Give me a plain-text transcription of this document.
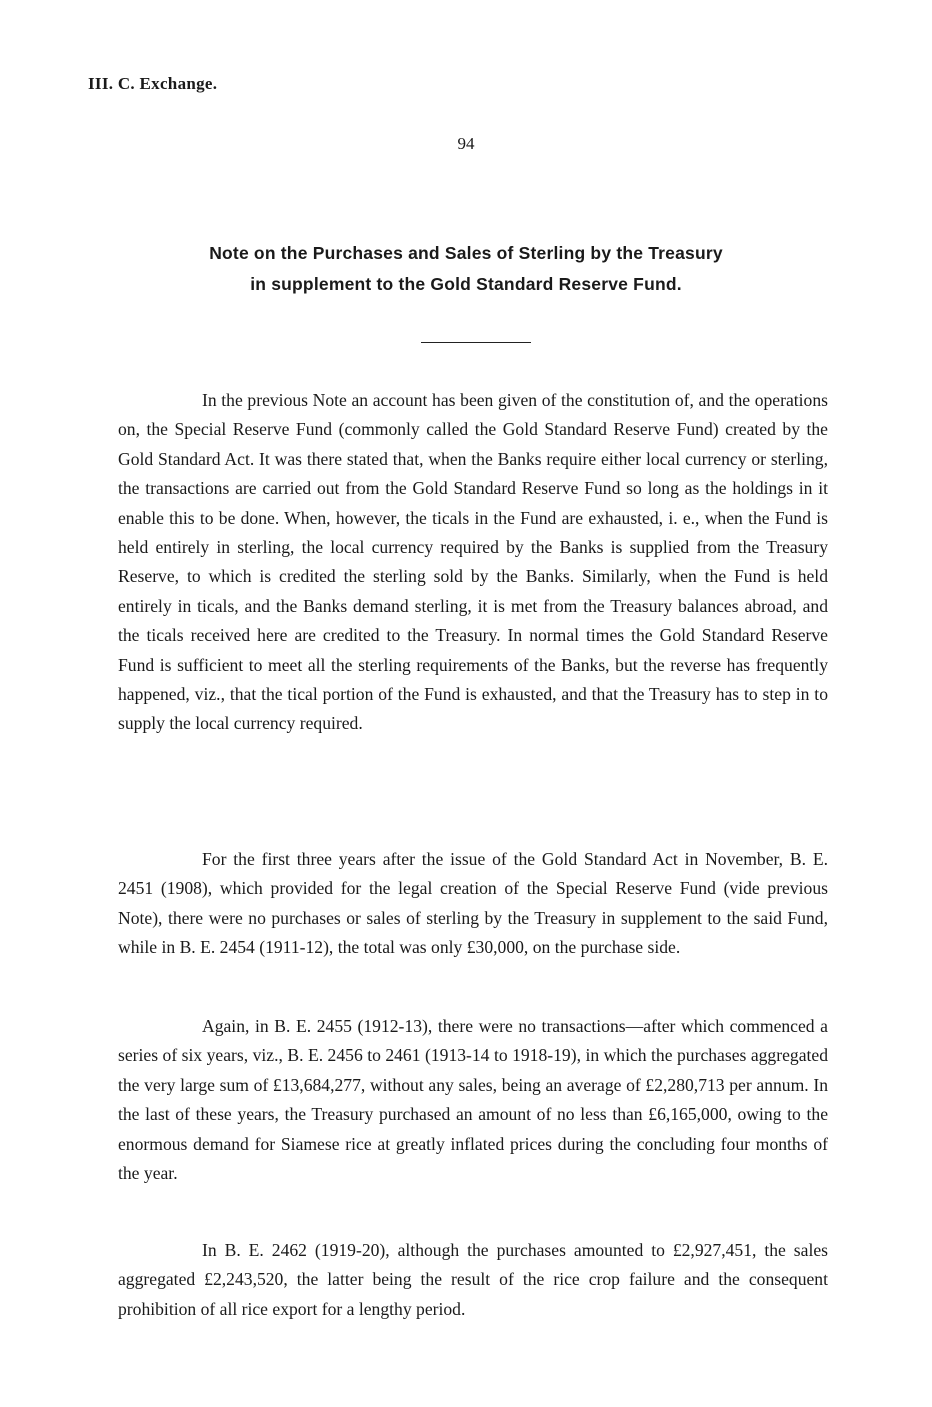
III. C. Exchange.
94
Note on the Purchases and Sales of Sterling by the Treasury
in supplement to the Gold Standard Reserve Fund.

In the previous Note an account has been given of the constitution of, and the operations on, the Special Reserve Fund (commonly called the Gold Standard Reserve Fund) created by the Gold Standard Act. It was there stated that, when the Banks require either local currency or sterling, the transactions are carried out from the Gold Standard Reserve Fund so long as the holdings in it enable this to be done. When, however, the ticals in the Fund are exhausted, i. e., when the Fund is held entirely in sterling, the local currency required by the Banks is supplied from the Treasury Reserve, to which is credited the sterling sold by the Banks. Similarly, when the Fund is held entirely in ticals, and the Banks demand sterling, it is met from the Treasury balances abroad, and the ticals received here are credited to the Treasury. In normal times the Gold Standard Reserve Fund is sufficient to meet all the sterling requirements of the Banks, but the reverse has frequently happened, viz., that the tical portion of the Fund is exhausted, and that the Treasury has to step in to supply the local currency required.

For the first three years after the issue of the Gold Standard Act in November, B. E. 2451 (1908), which provided for the legal creation of the Special Reserve Fund (vide previous Note), there were no purchases or sales of sterling by the Treasury in supplement to the said Fund, while in B. E. 2454 (1911-12), the total was only £30,000, on the purchase side.

Again, in B. E. 2455 (1912-13), there were no transactions—after which commenced a series of six years, viz., B. E. 2456 to 2461 (1913-14 to 1918-19), in which the purchases aggregated the very large sum of £13,684,277, without any sales, being an average of £2,280,713 per annum. In the last of these years, the Treasury purchased an amount of no less than £6,165,000, owing to the enormous demand for Siamese rice at greatly inflated prices during the concluding four months of the year.

In B. E. 2462 (1919-20), although the purchases amounted to £2,927,451, the sales aggregated £2,243,520, the latter being the result of the rice crop failure and the consequent prohibition of all rice export for a lengthy period.
